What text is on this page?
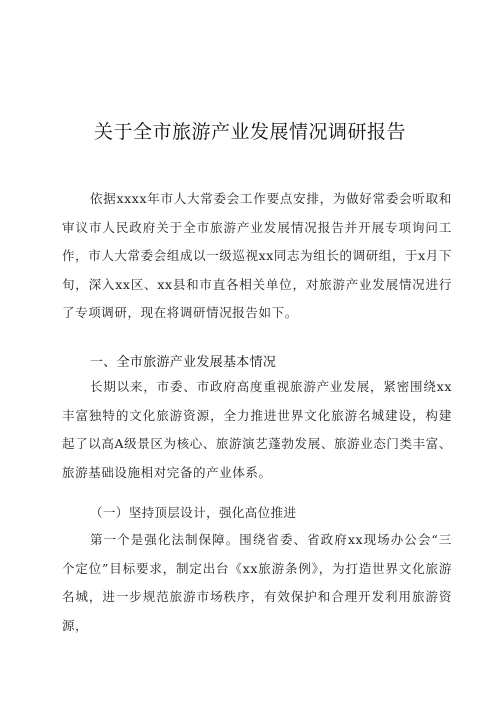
关于全市旅游产业发展情况调研报告
依据xxxx年市人大常委会工作要点安排，为做好常委会听取和审议市人民政府关于全市旅游产业发展情况报告并开展专项询问工作，市人大常委会组成以一级巡视xx同志为组长的调研组，于x月下旬，深入xx区、xx县和市直各相关单位，对旅游产业发展情况进行了专项调研，现在将调研情况报告如下。
一、全市旅游产业发展基本情况
长期以来，市委、市政府高度重视旅游产业发展，紧密围绕xx丰富独特的文化旅游资源，全力推进世界文化旅游名城建设，构建起了以高A级景区为核心、旅游演艺蓬勃发展、旅游业态门类丰富、旅游基础设施相对完备的产业体系。
（一）坚持顶层设计，强化高位推进
第一个是强化法制保障。围绕省委、省政府xx现场办公会“三个定位”目标要求，制定出台《xx旅游条例》，为打造世界文化旅游名城，进一步规范旅游市场秩序，有效保护和合理开发利用旅游资源，
